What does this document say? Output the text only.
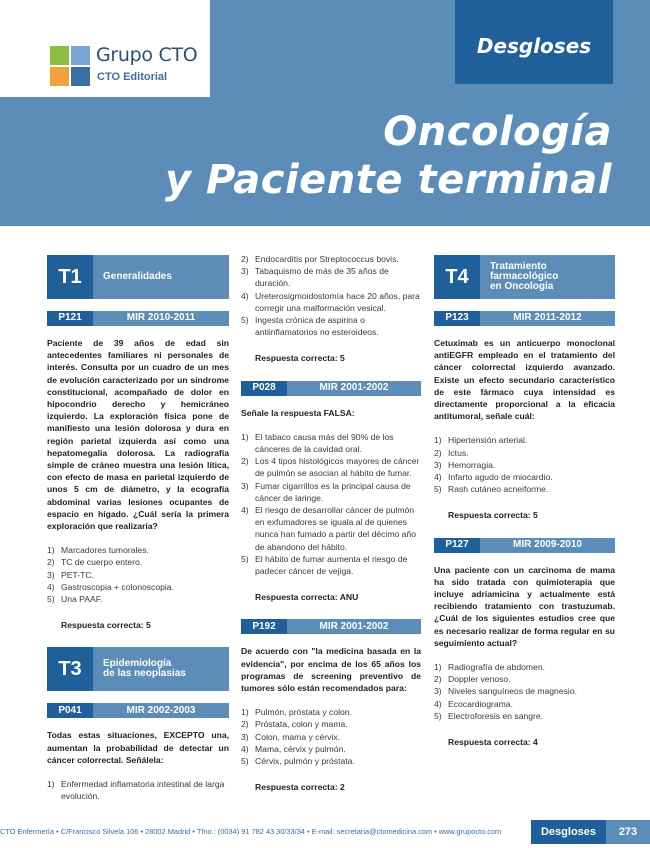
Grupo CTO
CTO Editorial
Desgloses
Oncología
y Paciente terminal
T1	Generalidades
P121	MIR 2010-2011

Paciente de 39 años de edad sin antecedentes familiares ni personales de interés. Consulta por un cuadro de un mes de evolución caracterizado por un síndrome constitucional, acompañado de dolor en hipocondrio derecho y hemicráneo izquierdo. La exploración física pone de manifiesto una lesión dolorosa y dura en región parietal izquierda así como una hepatomegalia dolorosa. La radiografía simple de cráneo muestra una lesión lítica, con efecto de masa en parietal izquierdo de unos 5 cm de diámetro, y la ecografía abdominal varias lesiones ocupantes de espacio en hígado. ¿Cuál sería la primera exploración que realizaría?

1) Marcadores tumorales.
2) TC de cuerpo entero.
3) PET-TC.
4) Gastroscopia + colonoscopia.
5) Una PAAF.

Respuesta correcta: 5

T3	Epidemiología
de las neoplasias
P041	MIR 2002-2003

Todas estas situaciones, EXCEPTO una, aumentan la probabilidad de detectar un cáncer colorrectal. Señálela:

1) Enfermedad inflamatoria intestinal de larga evolución.
2) Endocarditis por Streptococcus bovis.
3) Tabaquismo de más de 35 años de duración.
4) Ureterosigmoidostomía hace 20 años, para corregir una malformación vesical.
5) Ingesta crónica de aspirina o antiinflamatorios no esteroideos.

Respuesta correcta: 5

P028	MIR 2001-2002

Señale la respuesta FALSA:

1) El tabaco causa más del 90% de los cánceres de la cavidad oral.
2) Los 4 tipos histológicos mayores de cáncer de pulmón se asocian al hábito de fumar.
3) Fumar cigarrillos es la principal causa de cáncer de laringe.
4) El riesgo de desarrollar cáncer de pulmón en exfumadores se iguala al de quienes nunca han fumado a partir del décimo año de abandono del hábito.
5) El hábito de fumar aumenta el riesgo de padecer cáncer de vejiga.

Respuesta correcta: ANU

P192	MIR 2001-2002

De acuerdo con "la medicina basada en la evidencia", por encima de los 65 años los programas de screening preventivo de tumores sólo están recomendados para:

1) Pulmón, próstata y colon.
2) Próstata, colon y mama.
3) Colon, mama y cérvix.
4) Mama, cérvix y pulmón.
5) Cérvix, pulmón y próstata.

Respuesta correcta: 2

T4	Tratamiento
farmacológico
en Oncología
P123	MIR 2011-2012

Cetuximab es un anticuerpo monoclonal antiEGFR empleado en el tratamiento del cáncer colorrectal izquierdo avanzado. Existe un efecto secundario característico de este fármaco cuya intensidad es directamente proporcional a la eficacia antitumoral, señale cuál:

1) Hipertensión arterial.
2) Ictus.
3) Hemorragia.
4) Infarto agudo de miocardio.
5) Rash cutáneo acneiforme.

Respuesta correcta: 5

P127	MIR 2009-2010

Una paciente con un carcinoma de mama ha sido tratada con quimioterapia que incluye adriamicina y actualmente está recibiendo tratamiento con trastuzumab. ¿Cuál de los siguientes estudios cree que es necesario realizar de forma regular en su seguimiento actual?

1) Radiografía de abdomen.
2) Doppler venoso.
3) Niveles sanguíneos de magnesio.
4) Ecocardiograma.
5) Electroforesis en sangre.

Respuesta correcta: 4

CTO Enfermería • C/Francisco Silvela 106 • 28002 Madrid • Tfno.: (0034) 91 782 43 30/33/34 • E-mail: secretaria@ctomedicina.com • www.grupocto.com	Desgloses	273
